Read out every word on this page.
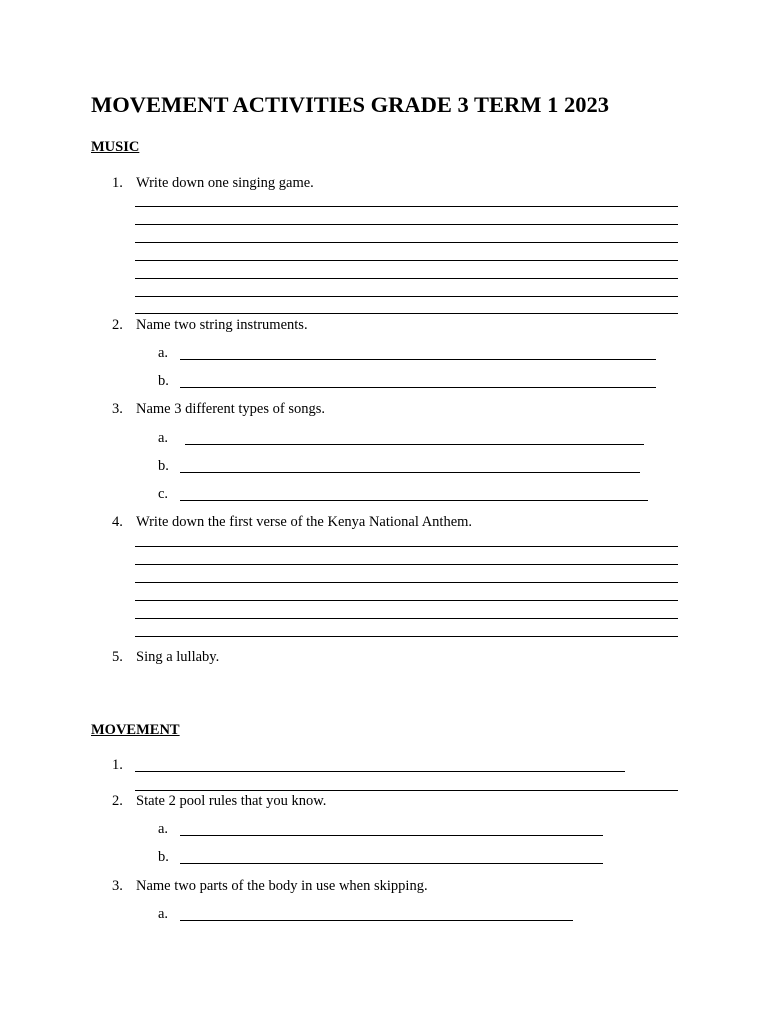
MOVEMENT ACTIVITIES GRADE 3 TERM 1 2023
MUSIC
1. Write down one singing game.
2. Name two string instruments.
a.
b.
3. Name 3 different types of songs.
a.
b.
c.
4. Write down the first verse of the Kenya National Anthem.
5. Sing a lullaby.
MOVEMENT
1.
2. State 2 pool rules that you know.
a.
b.
3. Name two parts of the body in use when skipping.
a.
